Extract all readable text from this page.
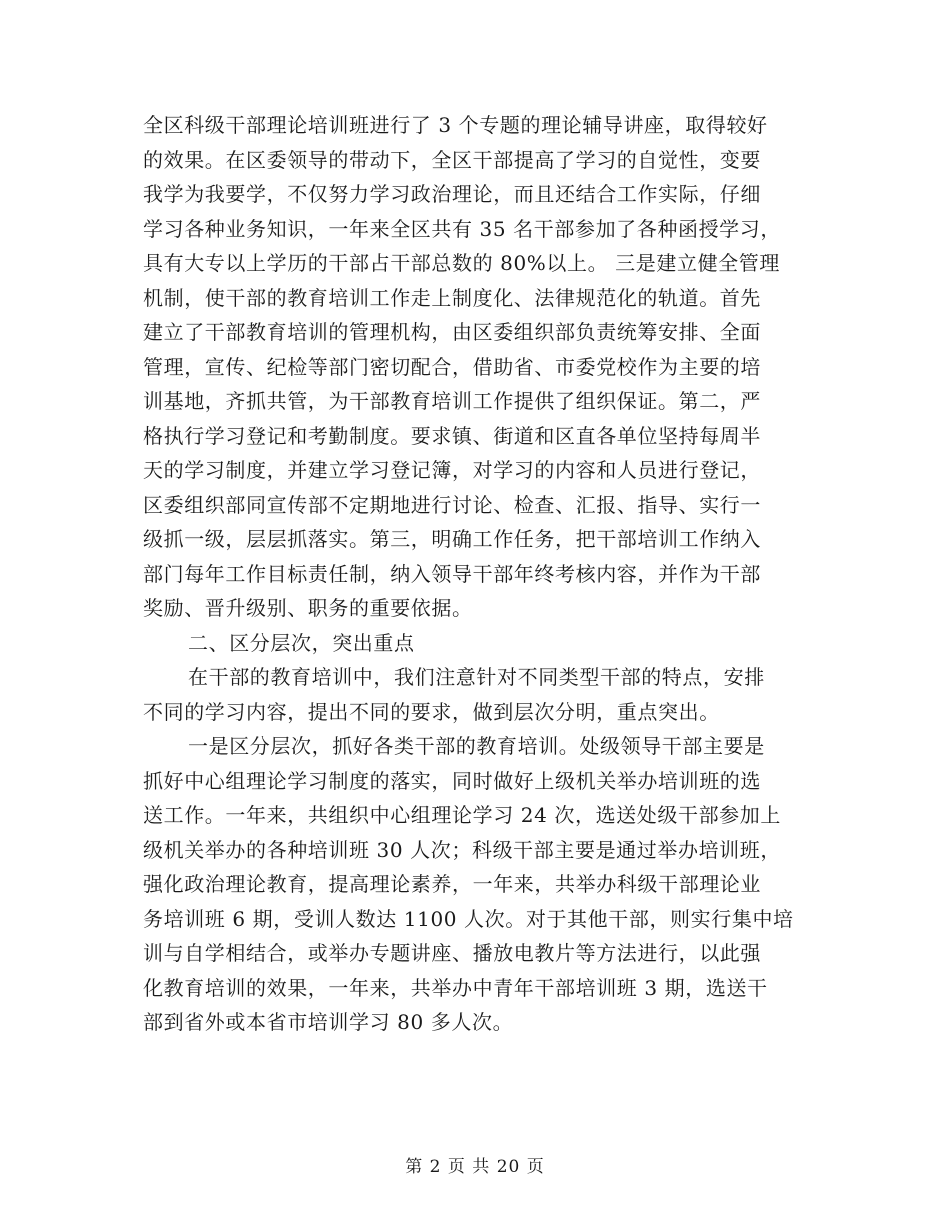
全区科级干部理论培训班进行了 3 个专题的理论辅导讲座，取得较好
的效果。在区委领导的带动下，全区干部提高了学习的自觉性，变要
我学为我要学，不仅努力学习政治理论，而且还结合工作实际，仔细
学习各种业务知识，一年来全区共有 35 名干部参加了各种函授学习，
具有大专以上学历的干部占干部总数的 80%以上。 三是建立健全管理
机制，使干部的教育培训工作走上制度化、法律规范化的轨道。首先
建立了干部教育培训的管理机构，由区委组织部负责统筹安排、全面
管理，宣传、纪检等部门密切配合，借助省、市委党校作为主要的培
训基地，齐抓共管，为干部教育培训工作提供了组织保证。第二，严
格执行学习登记和考勤制度。要求镇、街道和区直各单位坚持每周半
天的学习制度，并建立学习登记簿，对学习的内容和人员进行登记，
区委组织部同宣传部不定期地进行讨论、检查、汇报、指导、实行一
级抓一级，层层抓落实。第三，明确工作任务，把干部培训工作纳入
部门每年工作目标责任制，纳入领导干部年终考核内容，并作为干部
奖励、晋升级别、职务的重要依据。
二、区分层次，突出重点
在干部的教育培训中，我们注意针对不同类型干部的特点，安排
不同的学习内容，提出不同的要求，做到层次分明，重点突出。
一是区分层次，抓好各类干部的教育培训。处级领导干部主要是
抓好中心组理论学习制度的落实，同时做好上级机关举办培训班的选
送工作。一年来，共组织中心组理论学习 24 次，选送处级干部参加上
级机关举办的各种培训班 30 人次；科级干部主要是通过举办培训班，
强化政治理论教育，提高理论素养，一年来，共举办科级干部理论业
务培训班 6 期，受训人数达 1100 人次。对于其他干部，则实行集中培
训与自学相结合，或举办专题讲座、播放电教片等方法进行，以此强
化教育培训的效果，一年来，共举办中青年干部培训班 3 期，选送干
部到省外或本省市培训学习 80 多人次。
第 2 页 共 20 页
